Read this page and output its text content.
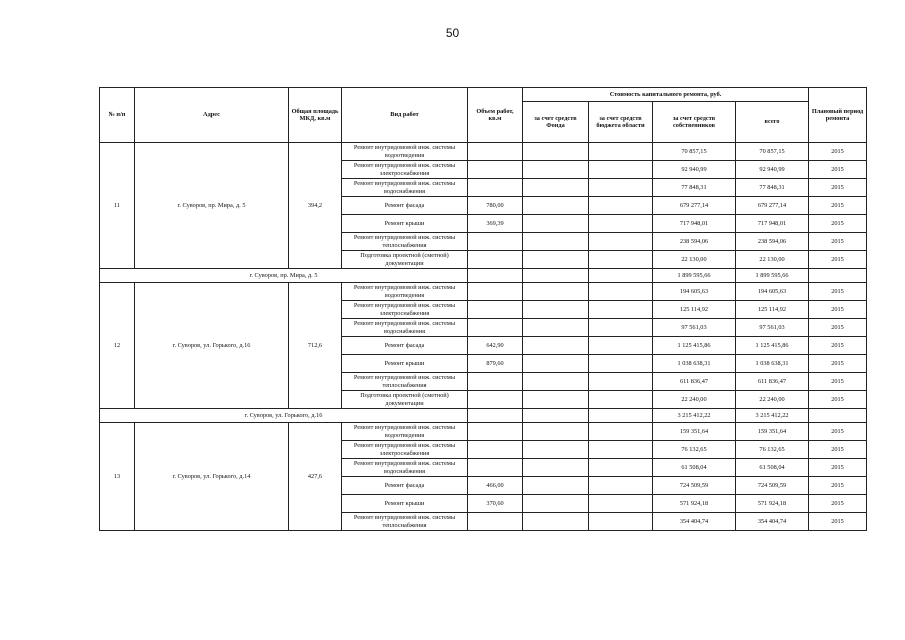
50
№ п/п	Адрес	Общая площадь МКД, кв.м	Вид работ	Объем работ, кв.м	Стоимость капитального ремонта, руб.				Плановый период ремонта
					за счет средств Фонда	за счет средств бюджета области	за счет средств собственников	всего	
11	г. Суворов, пр. Мира, д. 5	394,2	Ремонт внутридомовой инж. системы водоотведения				70 857,15	70 857,15	2015
			Ремонт внутридомовой инж. системы электроснабжения				92 940,99	92 940,99	2015
			Ремонт внутридомовой инж. системы водоснабжения				77 848,31	77 848,31	2015
			Ремонт фасада	780,00			679 277,14	679 277,14	2015
			Ремонт крыши	369,39			717 948,01	717 948,01	2015
			Ремонт внутридомовой инж. системы теплоснабжения				238 594,06	238 594,06	2015
			Подготовка проектной (сметной) документации				22 130,00	22 130,00	2015
г. Суворов, пр. Мира, д. 5							1 899 595,66	1 899 595,66	
12	г. Суворов, ул. Горького, д.16	712,6	Ремонт внутридомовой инж. системы водоотведения				194 605,63	194 605,63	2015
			Ремонт внутридомовой инж. системы электроснабжения				125 114,92	125 114,92	2015
			Ремонт внутридомовой инж. системы водоснабжения				97 561,03	97 561,03	2015
			Ремонт фасада	642,90			1 125 415,86	1 125 415,86	2015
			Ремонт крыши	879,60			1 038 638,31	1 038 638,31	2015
			Ремонт внутридомовой инж. системы теплоснабжения				611 836,47	611 836,47	2015
			Подготовка проектной (сметной) документации				22 240,00	22 240,00	2015
г. Суворов, ул. Горького, д.16							3 215 412,22	3 215 412,22	
13	г. Суворов, ул. Горького, д.14	427,6	Ремонт внутридомовой инж. системы водоотведения				159 351,64	159 351,64	2015
			Ремонт внутридомовой инж. системы электроснабжения				76 132,65	76 132,65	2015
			Ремонт внутридомовой инж. системы водоснабжения				61 508,04	61 508,04	2015
			Ремонт фасада	466,00			724 509,59	724 509,59	2015
			Ремонт крыши	370,60			571 924,18	571 924,18	2015
			Ремонт внутридомовой инж. системы теплоснабжения				354 404,74	354 404,74	2015
